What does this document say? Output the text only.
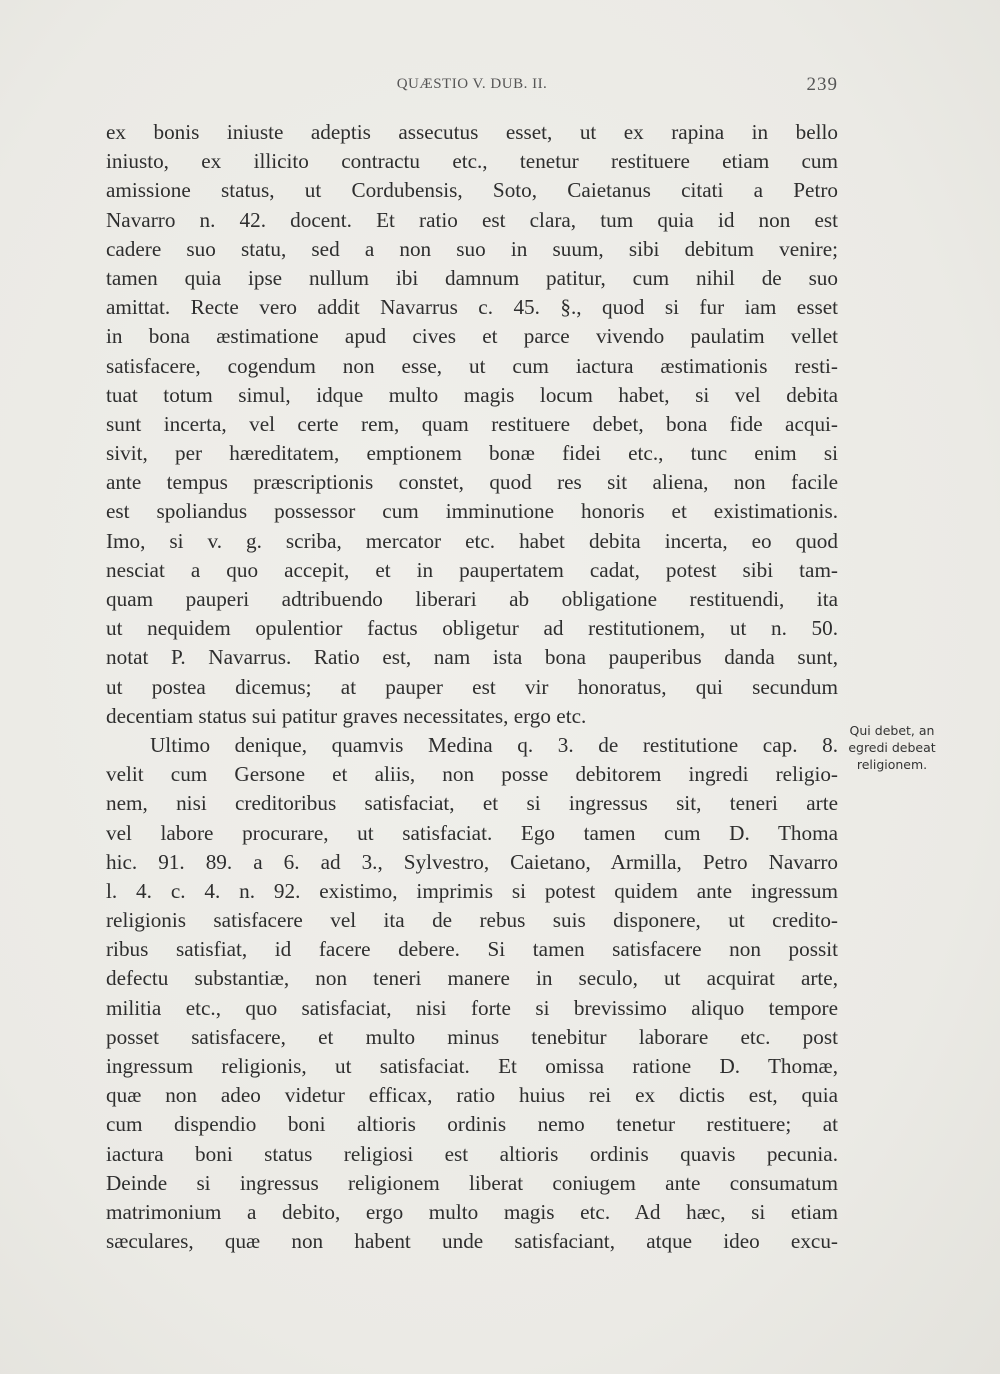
QUÆSTIO V. DUB. II.	239
ex bonis iniuste adeptis assecutus esset, ut ex rapina in bello
iniusto, ex illicito contractu etc., tenetur restituere etiam cum
amissione status, ut Cordubensis, Soto, Caietanus citati a Petro
Navarro n. 42. docent. Et ratio est clara, tum quia id non est
cadere suo statu, sed a non suo in suum, sibi debitum venire;
tamen quia ipse nullum ibi damnum patitur, cum nihil de suo
amittat. Recte vero addit Navarrus c. 45. §., quod si fur iam esset
in bona æstimatione apud cives et parce vivendo paulatim vellet
satisfacere, cogendum non esse, ut cum iactura æstimationis resti-
tuat totum simul, idque multo magis locum habet, si vel debita
sunt incerta, vel certe rem, quam restituere debet, bona fide acqui-
sivit, per hæreditatem, emptionem bonæ fidei etc., tunc enim si
ante tempus præscriptionis constet, quod res sit aliena, non facile
est spoliandus possessor cum imminutione honoris et existimationis.
Imo, si v. g. scriba, mercator etc. habet debita incerta, eo quod
nesciat a quo accepit, et in paupertatem cadat, potest sibi tam-
quam pauperi adtribuendo liberari ab obligatione restituendi, ita
ut nequidem opulentior factus obligetur ad restitutionem, ut n. 50.
notat P. Navarrus. Ratio est, nam ista bona pauperibus danda sunt,
ut postea dicemus; at pauper est vir honoratus, qui secundum
decentiam status sui patitur graves necessitates, ergo etc.
Ultimo denique, quamvis Medina q. 3. de restitutione cap. 8.
velit cum Gersone et aliis, non posse debitorem ingredi religio-
nem, nisi creditoribus satisfaciat, et si ingressus sit, teneri arte
vel labore procurare, ut satisfaciat. Ego tamen cum D. Thoma
hic. 91. 89. a 6. ad 3., Sylvestro, Caietano, Armilla, Petro Navarro
l. 4. c. 4. n. 92. existimo, imprimis si potest quidem ante ingressum
religionis satisfacere vel ita de rebus suis disponere, ut credito-
ribus satisfiat, id facere debere. Si tamen satisfacere non possit
defectu substantiæ, non teneri manere in seculo, ut acquirat arte,
militia etc., quo satisfaciat, nisi forte si brevissimo aliquo tempore
posset satisfacere, et multo minus tenebitur laborare etc. post
ingressum religionis, ut satisfaciat. Et omissa ratione D. Thomæ,
quæ non adeo videtur efficax, ratio huius rei ex dictis est, quia
cum dispendio boni altioris ordinis nemo tenetur restituere; at
iactura boni status religiosi est altioris ordinis quavis pecunia.
Deinde si ingressus religionem liberat coniugem ante consumatum
matrimonium a debito, ergo multo magis etc. Ad hæc, si etiam
sæculares, quæ non habent unde satisfaciant, atque ideo excu-
Qui debet, an
egredi debeat
religionem.
